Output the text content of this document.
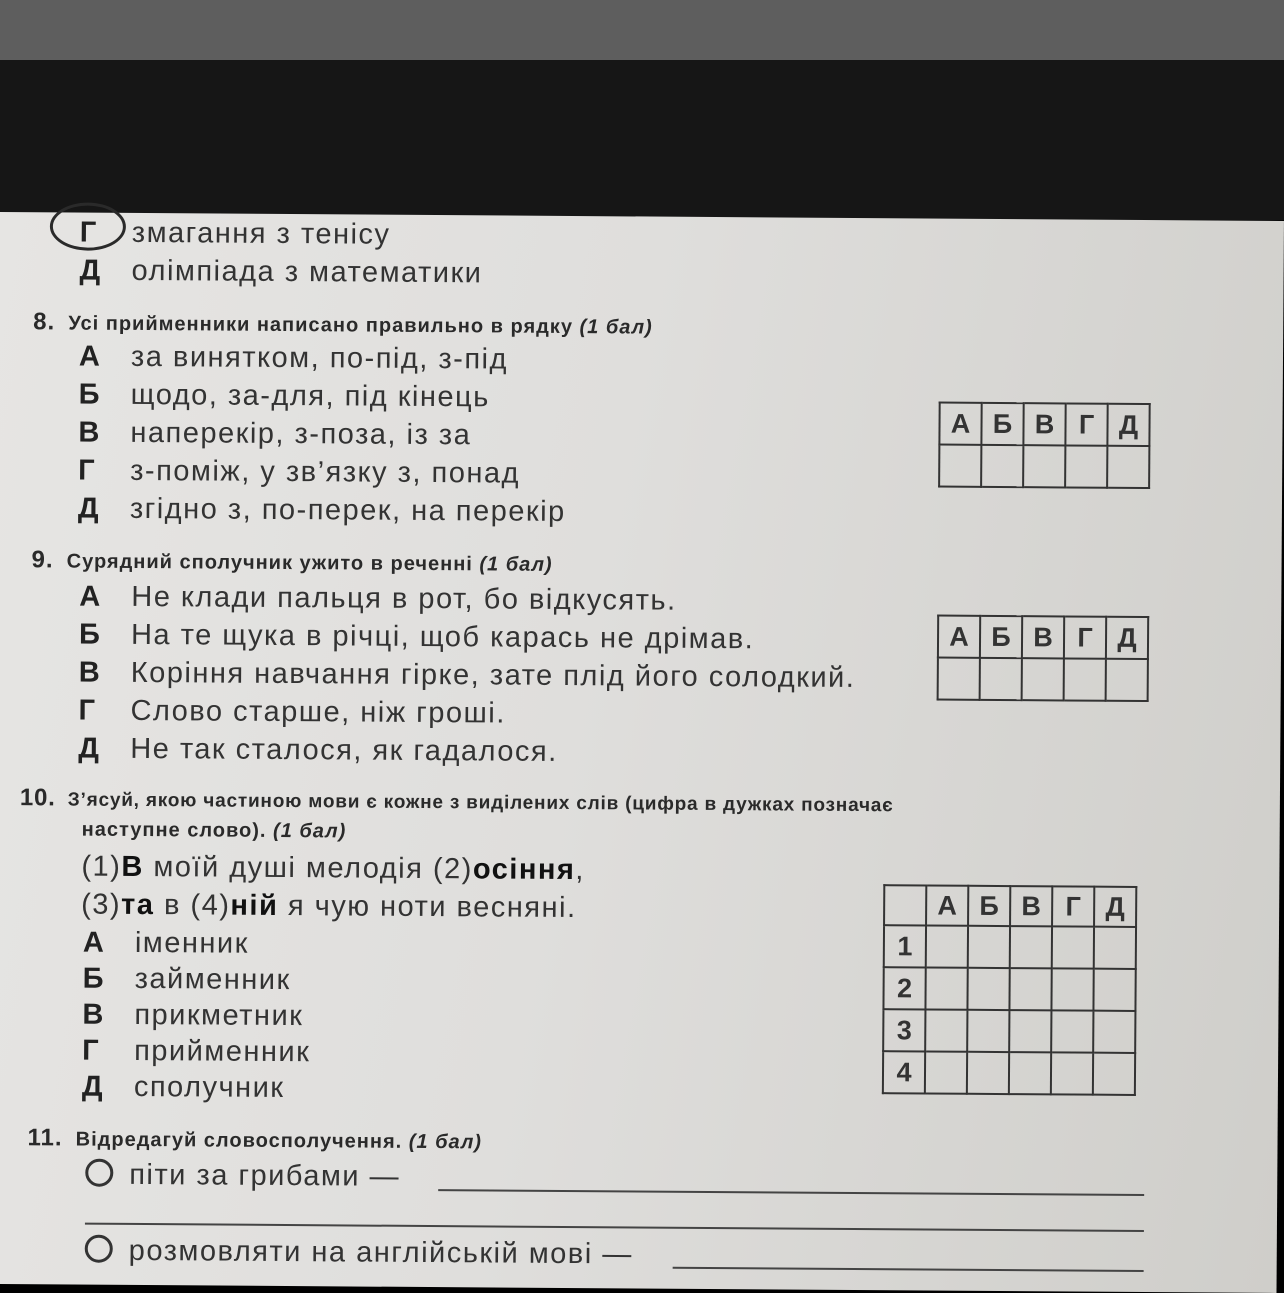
Г змагання з тенісу
Д олімпіада з математики
8. Усі прийменники написано правильно в рядку (1 бал)
А за винятком, по-під, з-під
Б щодо, за-для, під кінець
В наперекір, з-поза, із за
Г з-поміж, у зв’язку з, понад
Д згідно з, по-перек, на перекір
А	Б	В	Г	Д

9. Сурядний сполучник ужито в реченні (1 бал)
А Не клади пальця в рот, бо відкусять.
Б На те щука в річці, щоб карась не дрімав.
В Коріння навчання гірке, зате плід його солодкий.
Г Слово старше, ніж гроші.
Д Не так сталося, як гадалося.
А	Б	В	Г	Д

10. З’ясуй, якою частиною мови є кожне з виділених слів (цифра в дужках позначає
наступне слово). (1 бал)
(1)В моїй душі мелодія (2)осіння,
(3)та в (4)ній я чую ноти весняні.
А іменник
Б займенник
В прикметник
Г прийменник
Д сполучник
	А	Б	В	Г	Д
1					
2					
3					
4					
11. Відредагуй словосполучення. (1 бал)
піти за грибами —
розмовляти на англійській мові —
